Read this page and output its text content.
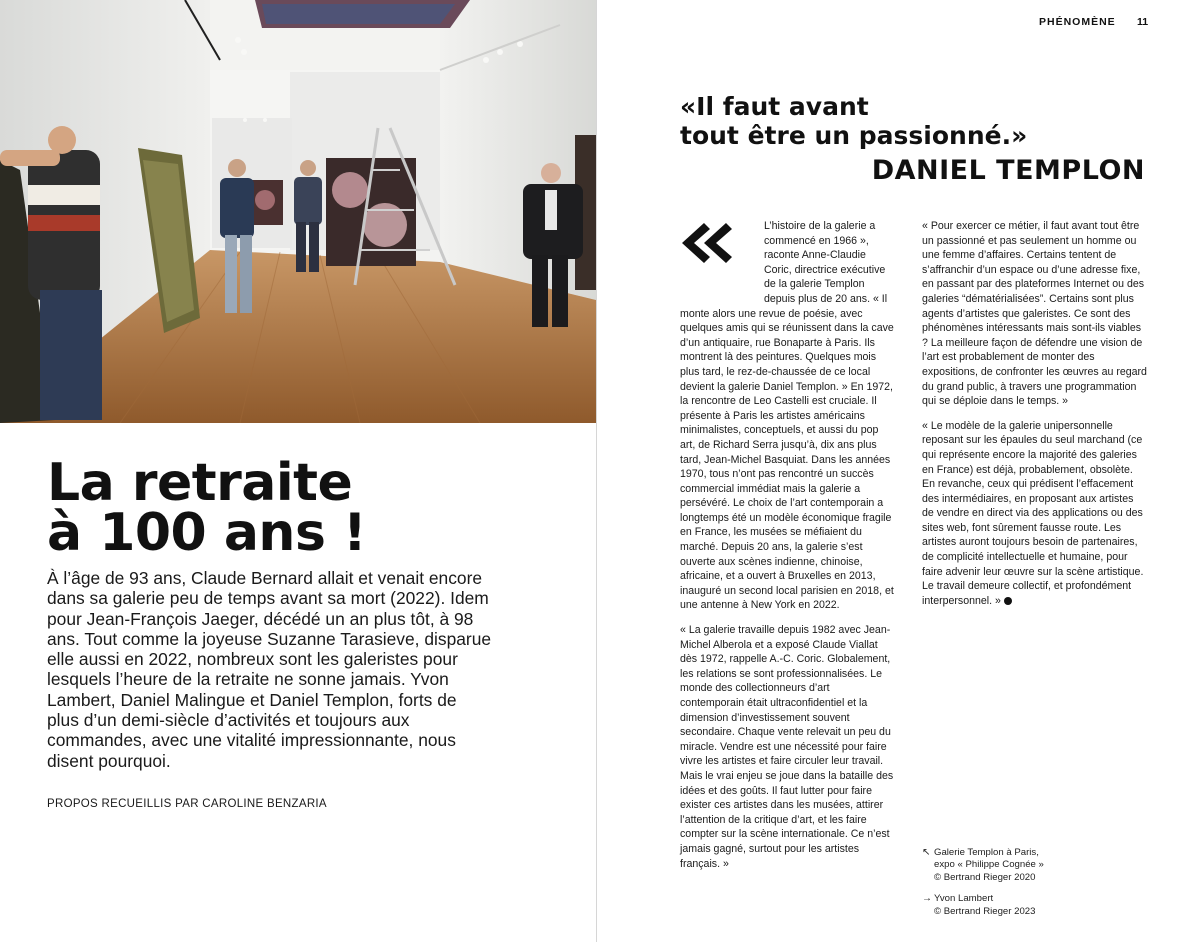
La retraite
à 100 ans !

À l’âge de 93 ans, Claude Bernard allait et venait encore dans sa galerie peu de temps avant sa mort (2022). Idem pour Jean-François Jaeger, décédé un an plus tôt, à 98 ans. Tout comme la joyeuse Suzanne Tarasieve, disparue elle aussi en 2022, nombreux sont les galeristes pour lesquels l’heure de la retraite ne sonne jamais. Yvon Lambert, Daniel Malingue et Daniel Templon, forts de plus d’un demi-siècle d’activités et toujours aux commandes, avec une vitalité impressionnante, nous disent pourquoi.

PROPOS RECUEILLIS PAR CAROLINE BENZARIA

PHÉNOMÈNE 11
«Il faut avant
tout être un passionné.»
DANIEL TEMPLON

L’histoire de la galerie a commencé en 1966 », raconte Anne-Claudie Coric, directrice exécutive de la galerie Templon depuis plus de 20 ans. « Il monte alors une revue de poésie, avec quelques amis qui se réunissent dans la cave d’un antiquaire, rue Bonaparte à Paris. Ils montrent là des peintures. Quelques mois plus tard, le rez-de-chaussée de ce local devient la galerie Daniel Templon. » En 1972, la rencontre de Leo Castelli est cruciale. Il présente à Paris les artistes américains minimalistes, conceptuels, et aussi du pop art, de Richard Serra jusqu’à, dix ans plus tard, Jean-Michel Basquiat. Dans les années 1970, tous n’ont pas rencontré un succès commercial immédiat mais la galerie a persévéré. Le choix de l’art contemporain a longtemps été un modèle économique fragile en France, les musées se méfiaient du marché. Depuis 20 ans, la galerie s’est ouverte aux scènes indienne, chinoise, africaine, et a ouvert à Bruxelles en 2013, inauguré un second local parisien en 2018, et une antenne à New York en 2022.

« La galerie travaille depuis 1982 avec Jean-Michel Alberola et a exposé Claude Viallat dès 1972, rappelle A.-C. Coric. Globalement, les relations se sont professionnalisées. Le monde des collectionneurs d’art contemporain était ultraconfidentiel et la dimension d’investissement souvent secondaire. Chaque vente relevait un peu du miracle. Vendre est une nécessité pour faire vivre les artistes et faire circuler leur travail. Mais le vrai enjeu se joue dans la bataille des idées et des goûts. Il faut lutter pour faire exister ces artistes dans les musées, attirer l’attention de la critique d’art, et les faire compter sur la scène internationale. Ce n’est jamais gagné, surtout pour les artistes français. »

« Pour exercer ce métier, il faut avant tout être un passionné et pas seulement un homme ou une femme d’affaires. Certains tentent de s’affranchir d’un espace ou d’une adresse fixe, en passant par des plateformes Internet ou des galeries “dématérialisées”. Certains sont plus agents d’artistes que galeristes. Ce sont des phénomènes intéressants mais sont-ils viables ? La meilleure façon de défendre une vision de l’art est probablement de monter des expositions, de confronter les œuvres au regard du grand public, à travers une programmation qui se déploie dans le temps. »

« Le modèle de la galerie unipersonnelle reposant sur les épaules du seul marchand (ce qui représente encore la majorité des galeries en France) est déjà, probablement, obsolète. En revanche, ceux qui prédisent l’effacement des intermédiaires, en proposant aux artistes de vendre en direct via des applications ou des sites web, font sûrement fausse route. Les artistes auront toujours besoin de partenaires, de complicité intellectuelle et humaine, pour faire advenir leur œuvre sur la scène artistique. Le travail demeure collectif, et profondément interpersonnel. »

↖ Galerie Templon à Paris,
expo « Philippe Cognée »
© Bertrand Rieger 2020
→ Yvon Lambert
© Bertrand Rieger 2023
